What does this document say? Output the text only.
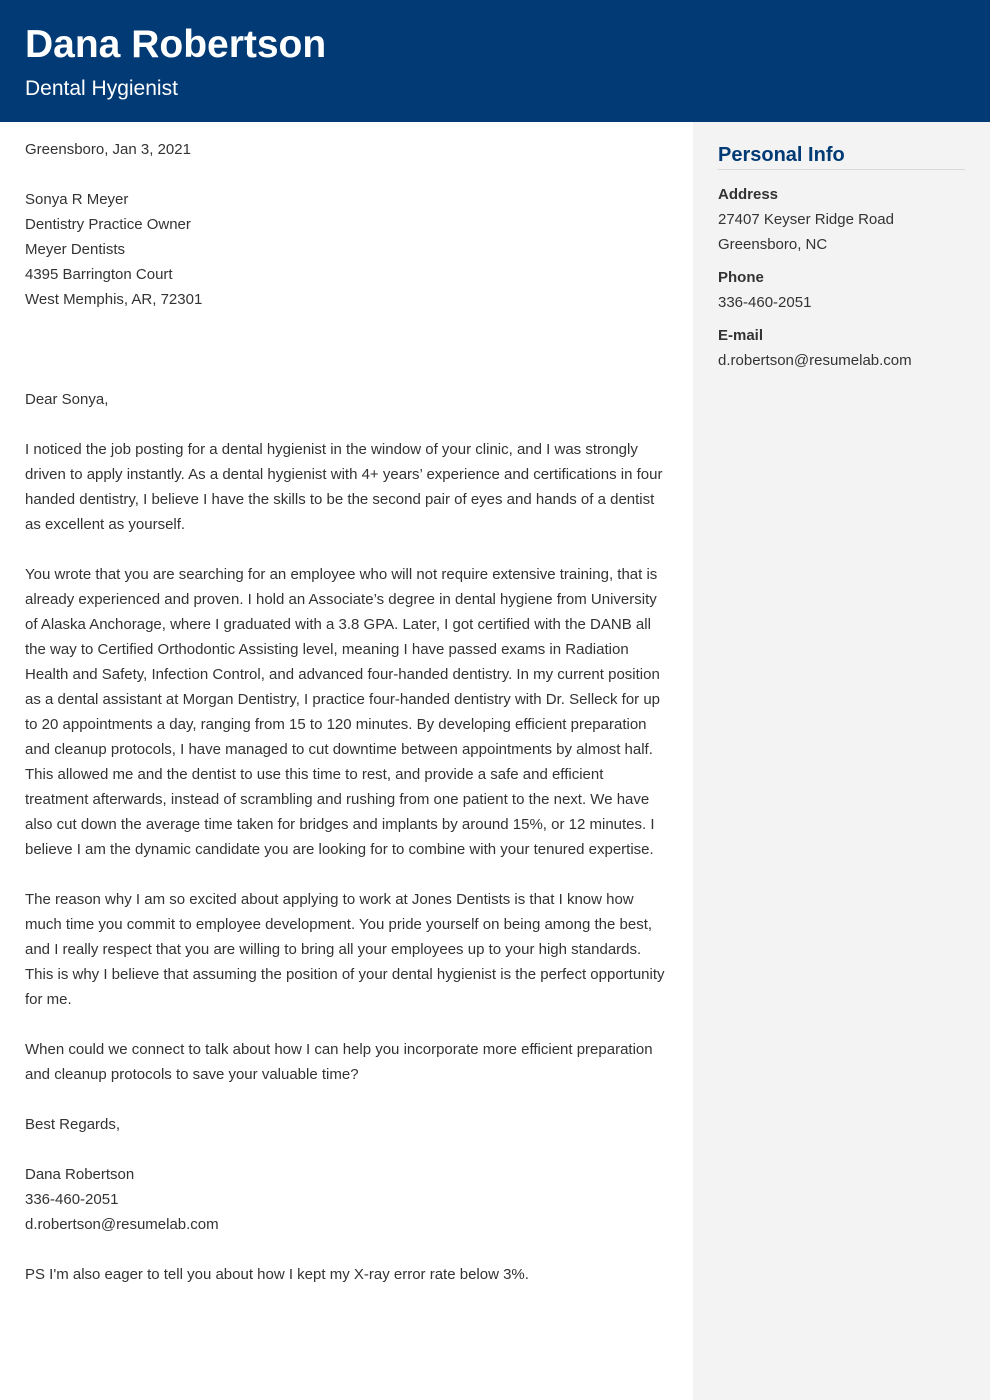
Dana Robertson
Dental Hygienist
Personal Info
Address
27407 Keyser Ridge Road
Greensboro, NC
Phone
336-460-2051
E-mail
d.robertson@resumelab.com

Greensboro, Jan 3, 2021

Sonya R Meyer

Dentistry Practice Owner

Meyer Dentists

4395 Barrington Court

West Memphis, AR, 72301

Dear Sonya,

I noticed the job posting for a dental hygienist in the window of your clinic, and I was strongly driven to apply instantly. As a dental hygienist with 4+ years’ experience and certifications in four handed dentistry, I believe I have the skills to be the second pair of eyes and hands of a dentist as excellent as yourself.

You wrote that you are searching for an employee who will not require extensive training, that is already experienced and proven. I hold an Associate’s degree in dental hygiene from University of Alaska Anchorage, where I graduated with a 3.8 GPA. Later, I got certified with the DANB all the way to Certified Orthodontic Assisting level, meaning I have passed exams in Radiation Health and Safety, Infection Control, and advanced four-handed dentistry. In my current position as a dental assistant at Morgan Dentistry, I practice four-handed dentistry with Dr. Selleck for up to 20 appointments a day, ranging from 15 to 120 minutes. By developing efficient preparation and cleanup protocols, I have managed to cut downtime between appointments by almost half. This allowed me and the dentist to use this time to rest, and provide a safe and efficient treatment afterwards, instead of scrambling and rushing from one patient to the next. We have also cut down the average time taken for bridges and implants by around 15%, or 12 minutes. I believe I am the dynamic candidate you are looking for to combine with your tenured expertise.

The reason why I am so excited about applying to work at Jones Dentists is that I know how much time you commit to employee development. You pride yourself on being among the best, and I really respect that you are willing to bring all your employees up to your high standards. This is why I believe that assuming the position of your dental hygienist is the perfect opportunity for me.

When could we connect to talk about how I can help you incorporate more efficient preparation and cleanup protocols to save your valuable time?

Best Regards,

Dana Robertson

336-460-2051

d.robertson@resumelab.com

PS I'm also eager to tell you about how I kept my X-ray error rate below 3%.
